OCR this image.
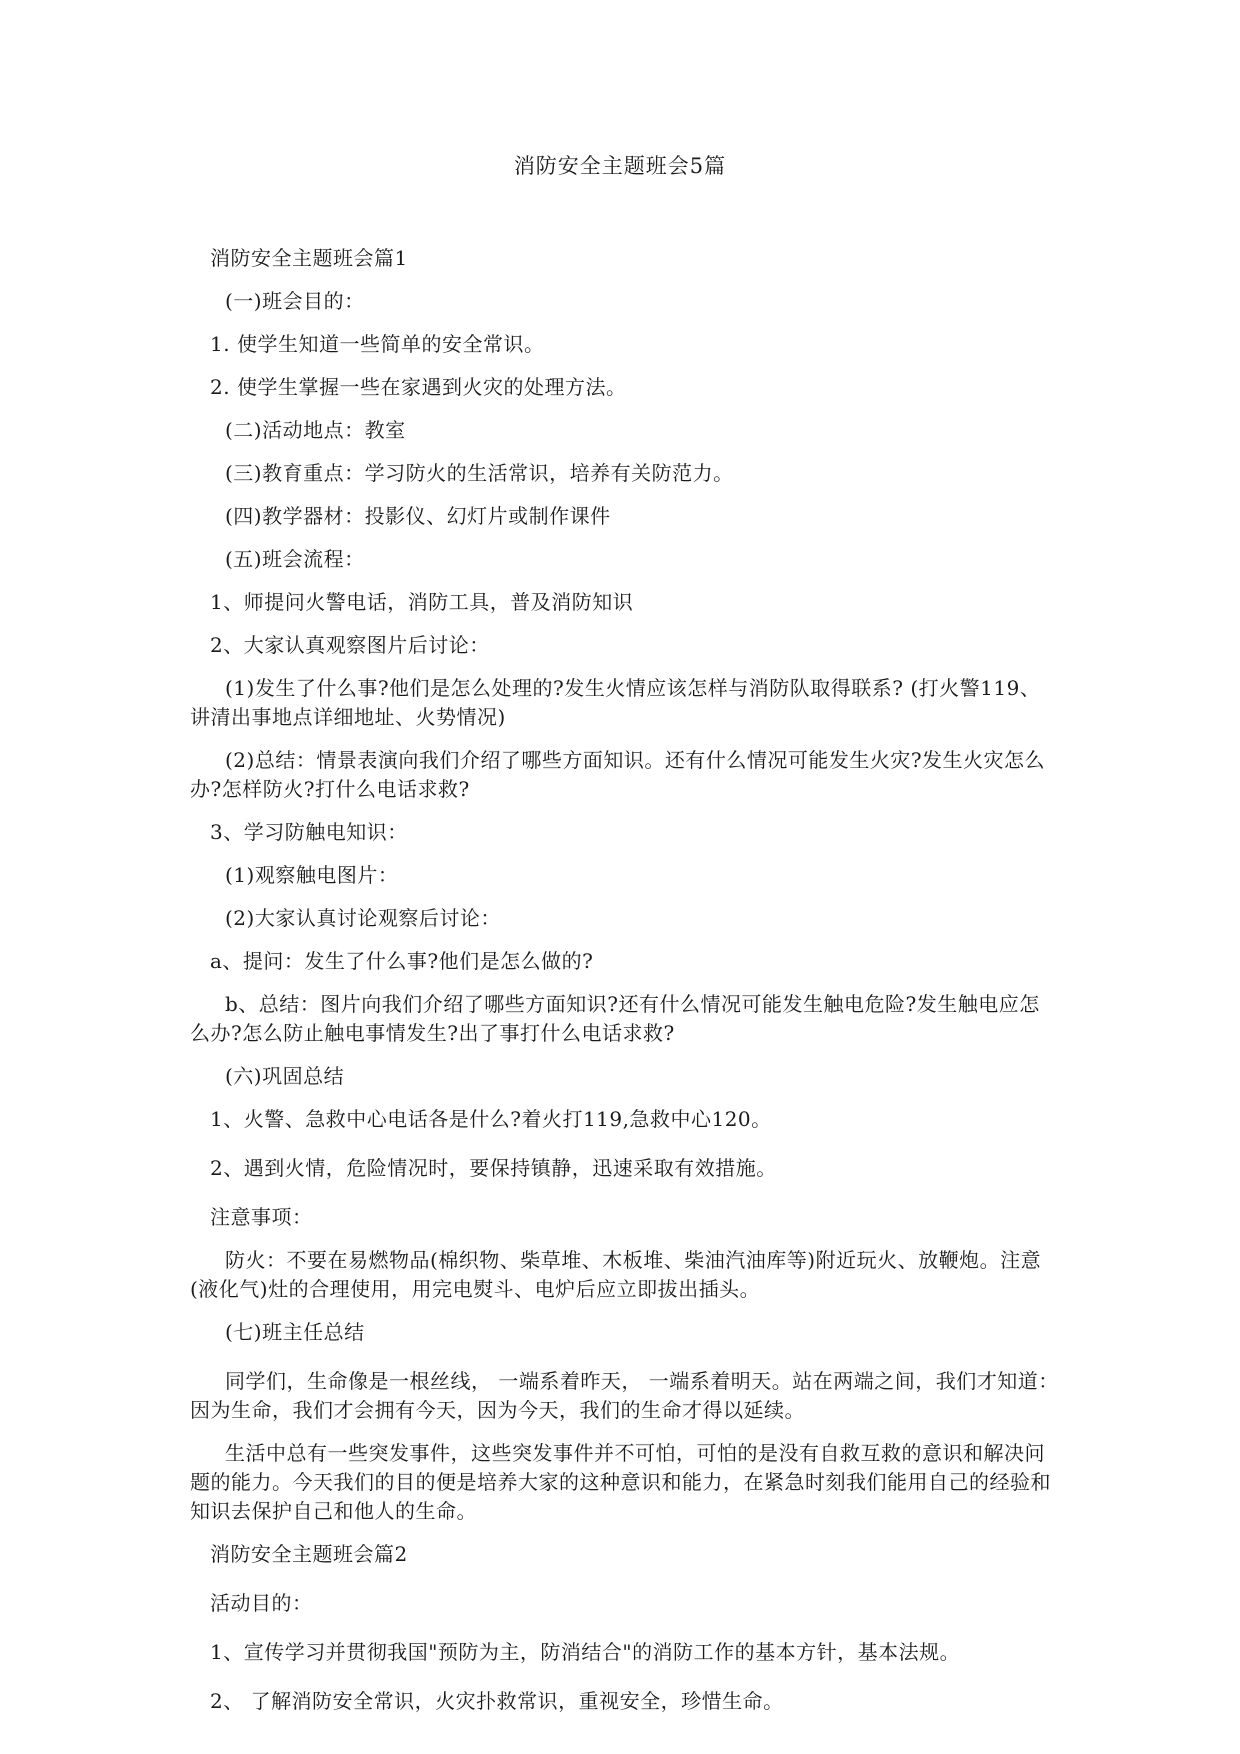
消防安全主题班会5篇

消防安全主题班会篇1

(一)班会目的：

1. 使学生知道一些简单的安全常识。

2. 使学生掌握一些在家遇到火灾的处理方法。

(二)活动地点：教室

(三)教育重点：学习防火的生活常识，培养有关防范力。

(四)教学器材：投影仪、幻灯片或制作课件

(五)班会流程：

1、师提问火警电话，消防工具，普及消防知识

2、大家认真观察图片后讨论：

(1)发生了什么事?他们是怎么处理的?发生火情应该怎样与消防队取得联系? (打火警119、讲清出事地点详细地址、火势情况)

(2)总结：情景表演向我们介绍了哪些方面知识。还有什么情况可能发生火灾?发生火灾怎么办?怎样防火?打什么电话求救?

3、学习防触电知识：

(1)观察触电图片：

(2)大家认真讨论观察后讨论：

a、提问：发生了什么事?他们是怎么做的?

b、总结：图片向我们介绍了哪些方面知识?还有什么情况可能发生触电危险?发生触电应怎么办?怎么防止触电事情发生?出了事打什么电话求救?

(六)巩固总结

1、火警、急救中心电话各是什么?着火打119,急救中心120。

2、遇到火情，危险情况时，要保持镇静，迅速采取有效措施。

注意事项：

防火：不要在易燃物品(棉织物、柴草堆、木板堆、柴油汽油库等)附近玩火、放鞭炮。注意(液化气)灶的合理使用，用完电熨斗、电炉后应立即拔出插头。

(七)班主任总结

同学们，生命像是一根丝线， 一端系着昨天， 一端系着明天。站在两端之间，我们才知道： 因为生命，我们才会拥有今天，因为今天，我们的生命才得以延续。

生活中总有一些突发事件，这些突发事件并不可怕，可怕的是没有自救互救的意识和解决问题的能力。今天我们的目的便是培养大家的这种意识和能力，在紧急时刻我们能用自己的经验和知识去保护自己和他人的生命。

消防安全主题班会篇2

活动目的：

1、宣传学习并贯彻我国"预防为主，防消结合"的消防工作的基本方针，基本法规。

2、 了解消防安全常识，火灾扑救常识，重视安全，珍惜生命。
